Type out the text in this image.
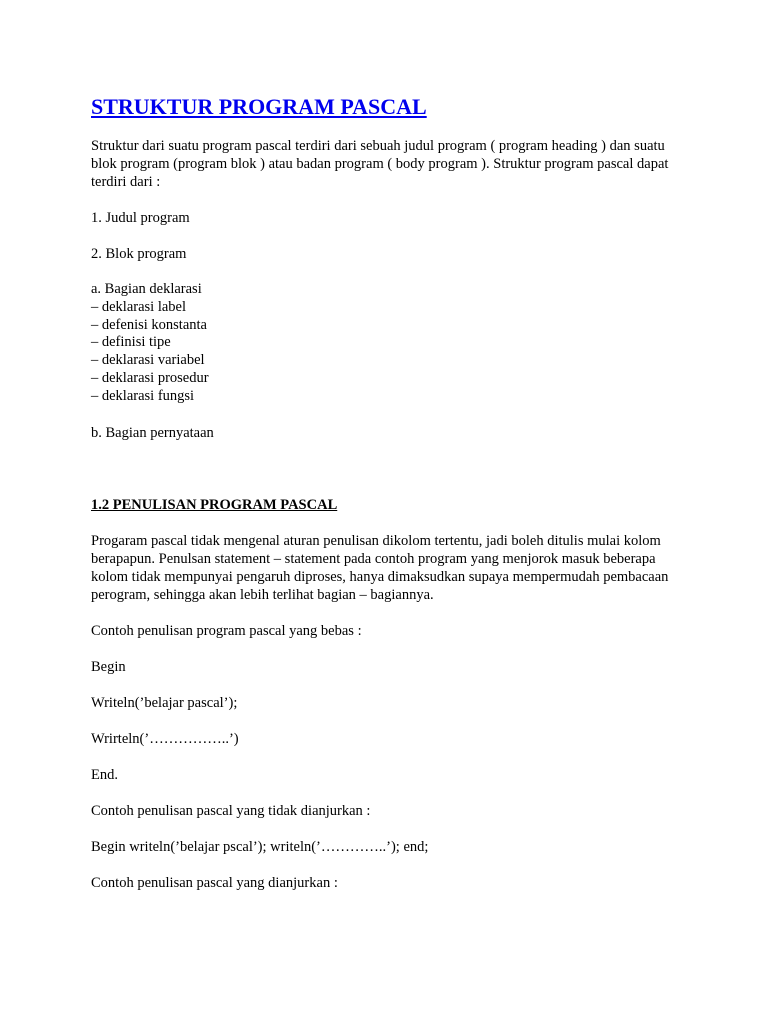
STRUKTUR PROGRAM PASCAL

Struktur dari suatu program pascal terdiri dari sebuah judul program ( program heading ) dan suatu blok program (program blok ) atau badan program ( body program ). Struktur program pascal dapat terdiri dari :

1. Judul program

2. Blok program

a. Bagian deklarasi

– deklarasi label

– defenisi konstanta

– definisi tipe

– deklarasi variabel

– deklarasi prosedur

– deklarasi fungsi

b. Bagian pernyataan

1.2 PENULISAN PROGRAM PASCAL

Progaram pascal tidak mengenal aturan penulisan dikolom tertentu, jadi boleh ditulis mulai kolom berapapun. Penulsan statement – statement pada contoh program yang menjorok masuk beberapa kolom tidak mempunyai pengaruh diproses, hanya dimaksudkan supaya mempermudah pembacaan perogram, sehingga akan lebih terlihat bagian – bagiannya.

Contoh penulisan program pascal yang bebas :

Begin

Writeln(’belajar pascal’);

Wrirteln(’……………..’)

End.

Contoh penulisan pascal yang tidak dianjurkan :

Begin writeln(’belajar pscal’); writeln(’…………..’); end;

Contoh penulisan pascal yang dianjurkan :
